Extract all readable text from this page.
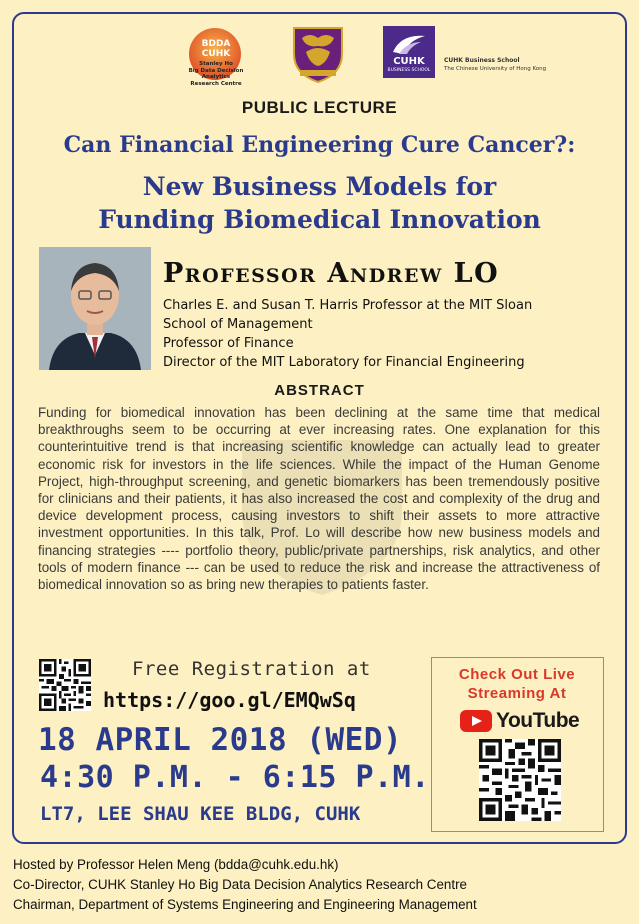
BDDA
CUHK
Stanley Ho
Big Data Decision Analytics
Research Centre
CUHK
BUSINESS SCHOOL
CUHK Business School
The Chinese University of Hong Kong
PUBLIC LECTURE
Can Financial Engineering Cure Cancer?:
New Business Models for
Funding Biomedical Innovation
Professor Andrew LO
Charles E. and Susan T. Harris Professor at the MIT Sloan
School of Management
Professor of Finance
Director of the MIT Laboratory for Financial Engineering
ABSTRACT
Funding for biomedical innovation has been declining at the same time that medical breakthroughs seem to be occurring at ever increasing rates. One explanation for this counterintuitive trend is that increasing scientific knowledge can actually lead to greater economic risk for investors in the life sciences. While the impact of the Human Genome Project, high-throughput screening, and genetic biomarkers has been tremendously positive for clinicians and their patients, it has also increased the cost and complexity of the drug and device development process, causing investors to shift their assets to more attractive investment opportunities. In this talk, Prof. Lo will describe how new business models and financing strategies ---- portfolio theory, public/private partnerships, risk analytics, and other tools of modern finance --- can be used to reduce the risk and increase the attractiveness of biomedical innovation so as bring new therapies to patients faster.
Free Registration at
https://goo.gl/EMQwSq
18 APRIL 2018 (WED)
4:30 P.M. - 6:15 P.M.
LT7, LEE SHAU KEE BLDG, CUHK
Check Out Live
Streaming At
YouTube
Hosted by Professor Helen Meng (bdda@cuhk.edu.hk)
Co-Director, CUHK Stanley Ho Big Data Decision Analytics Research Centre
Chairman, Department of Systems Engineering and Engineering Management
